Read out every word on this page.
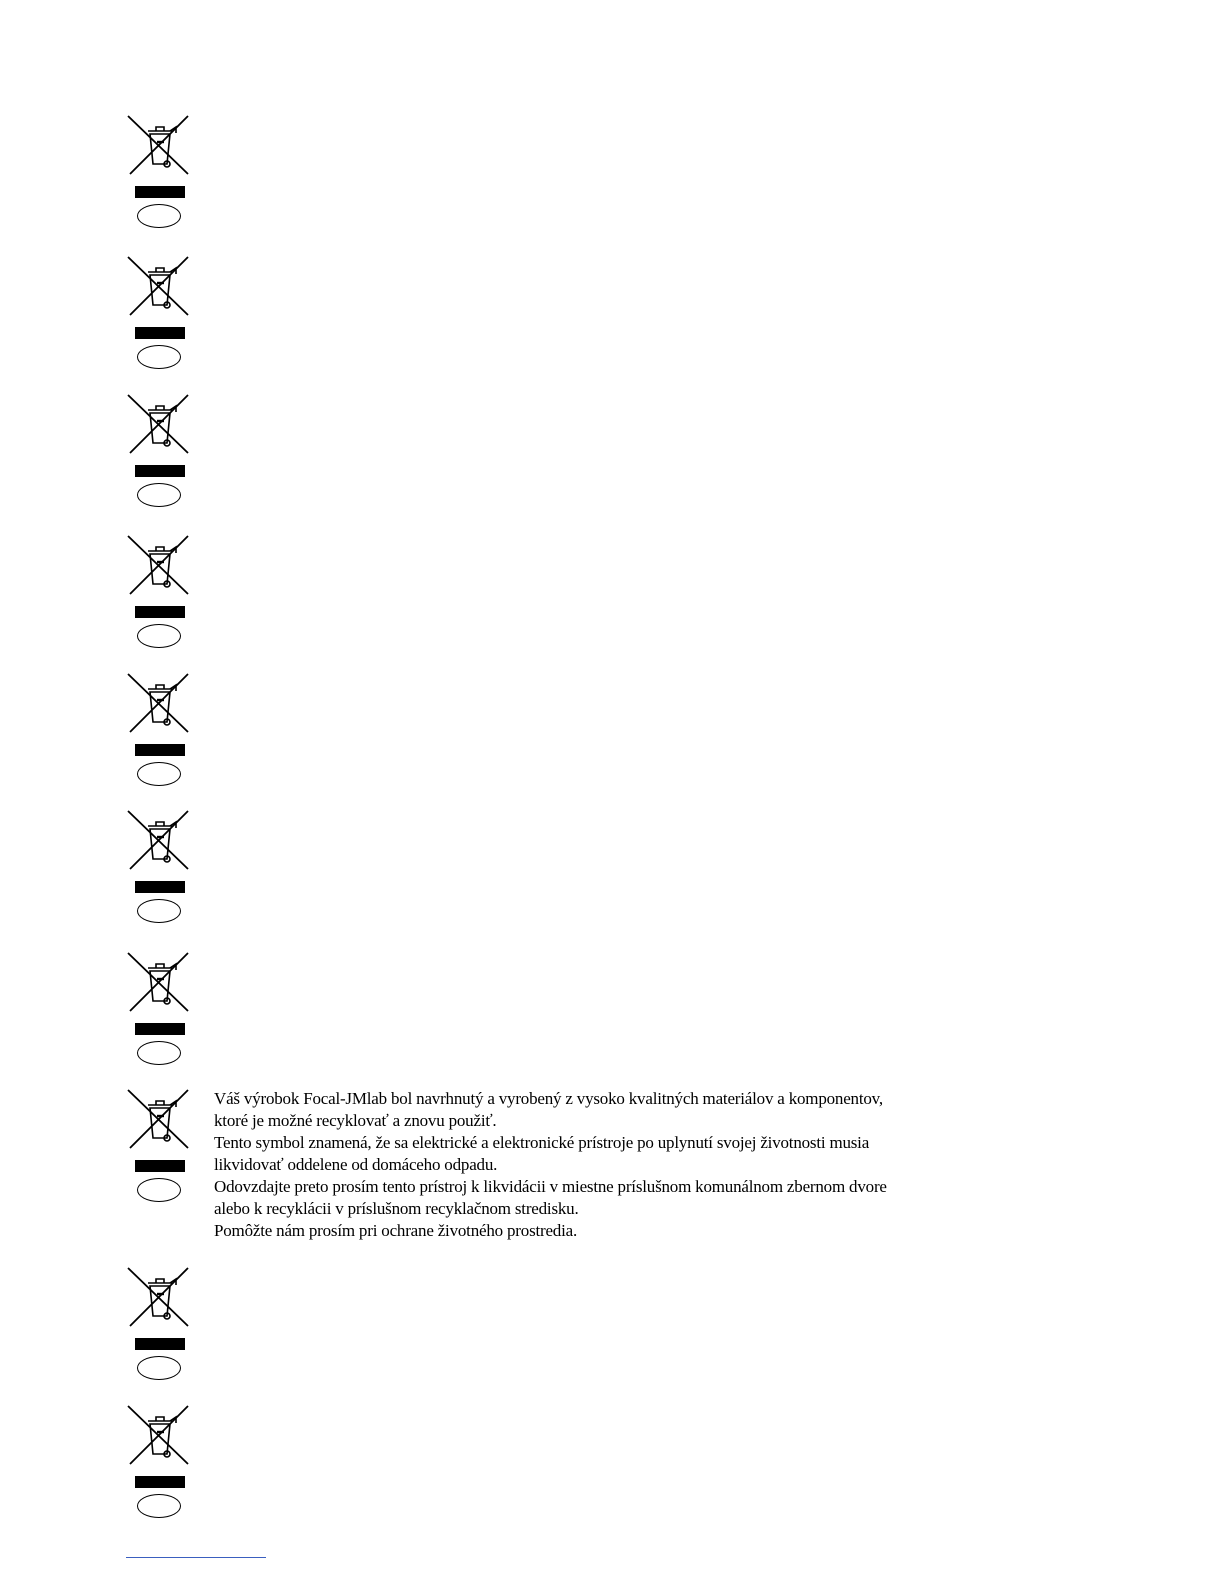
Váš výrobok Focal-JMlab bol navrhnutý a vyrobený z vysoko kvalitných materiálov a komponentov,

ktoré je možné recyklovať a znovu použiť.

Tento symbol znamená, že sa elektrické a elektronické prístroje po uplynutí svojej životnosti musia

likvidovať oddelene od domáceho odpadu.

Odovzdajte preto prosím tento prístroj k likvidácii v miestne príslušnom komunálnom zbernom dvore

alebo k recyklácii v príslušnom recyklačnom stredisku.

Pomôžte nám prosím pri ochrane životného prostredia.
